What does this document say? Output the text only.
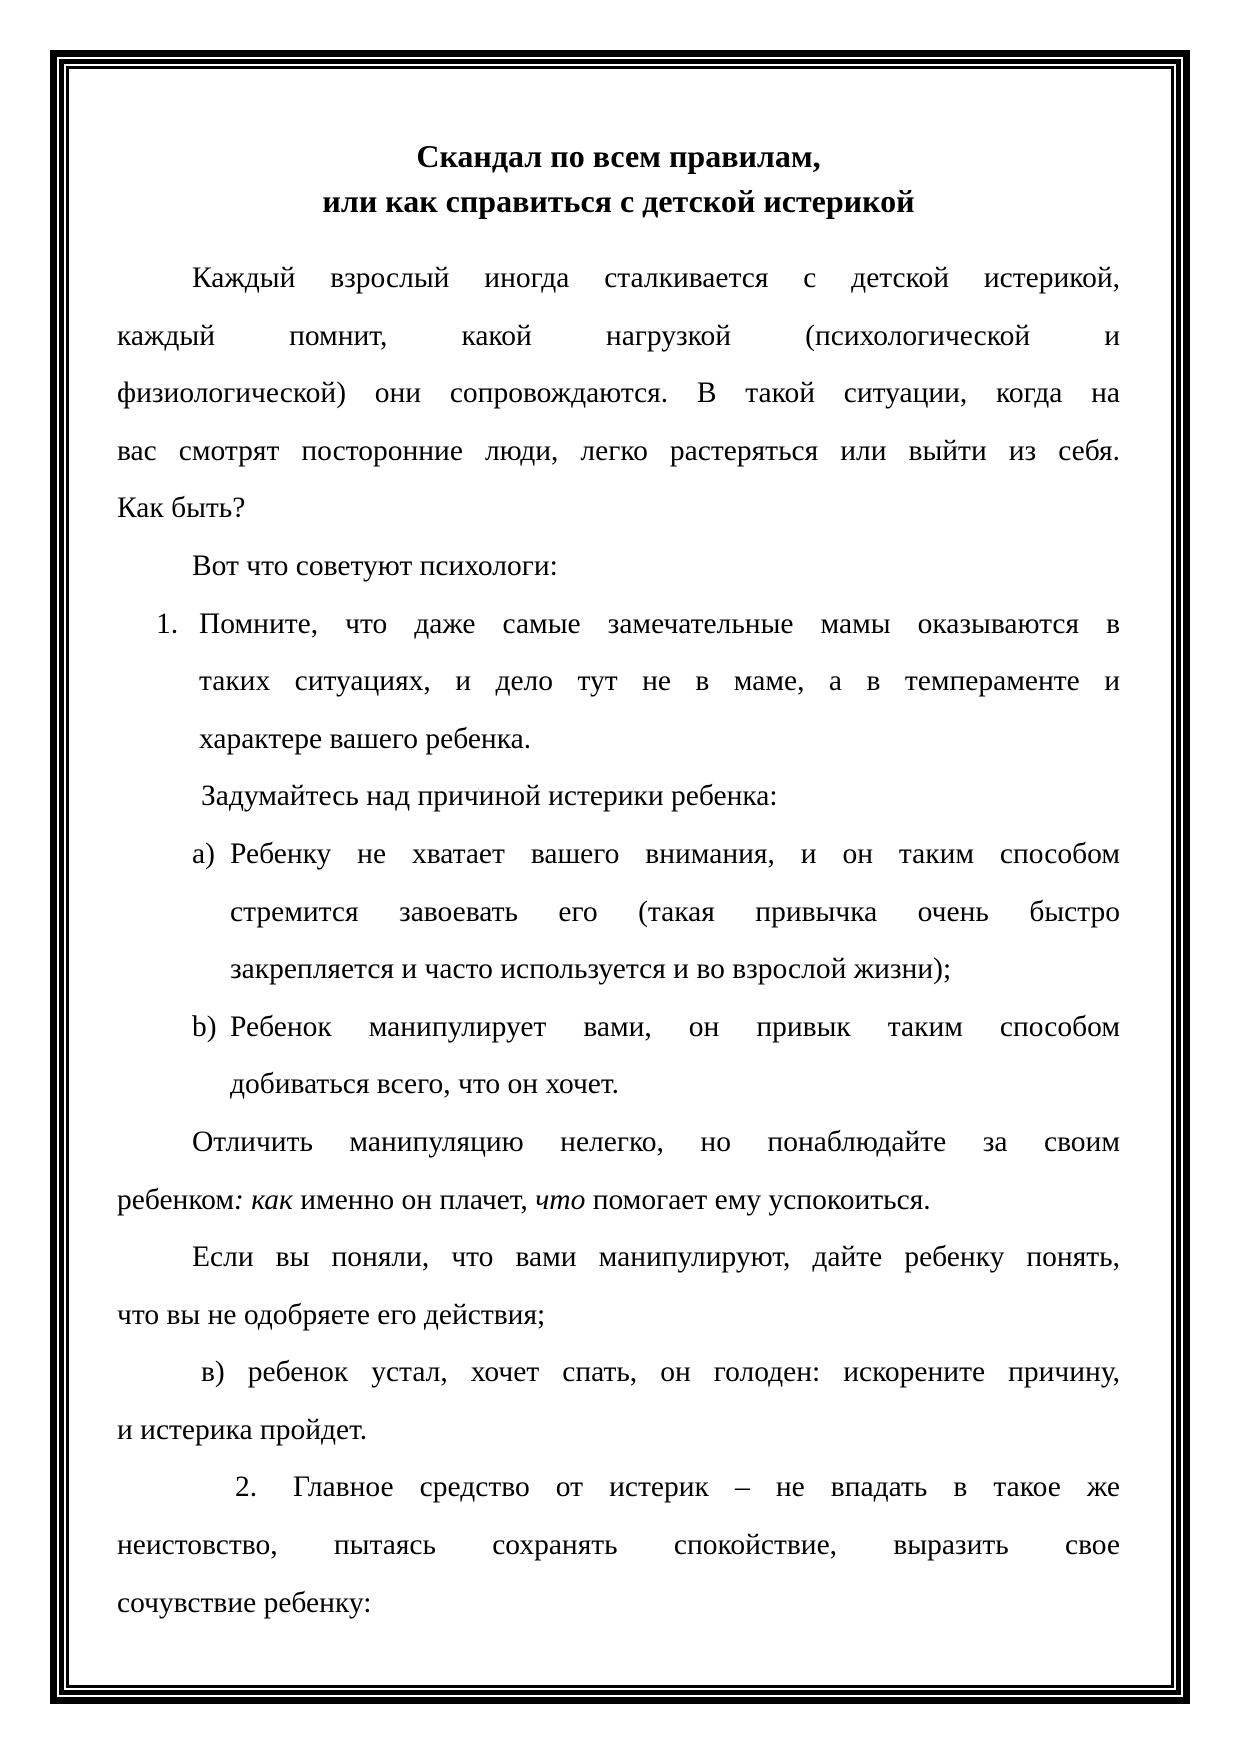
Скандал по всем правилам,
или как справиться с детской истерикой
Каждый взрослый иногда сталкивается с детской истерикой,
каждый помнит, какой нагрузкой (психологической и
физиологической) они сопровождаются. В такой ситуации, когда на
вас смотрят посторонние люди, легко растеряться или выйти из себя.
Как быть?
Вот что советуют психологи:
1. Помните, что даже самые замечательные мамы оказываются в
таких ситуациях, и дело тут не в маме, а в темпераменте и
характере вашего ребенка.
Задумайтесь над причиной истерики ребенка:
a) Ребенку не хватает вашего внимания, и он таким способом
стремится завоевать его (такая привычка очень быстро
закрепляется и часто используется и во взрослой жизни);
b) Ребенок манипулирует вами, он привык таким способом
добиваться всего, что он хочет.
Отличить манипуляцию нелегко, но понаблюдайте за своим
ребенком: как именно он плачет, что помогает ему успокоиться.
Если вы поняли, что вами манипулируют, дайте ребенку понять,
что вы не одобряете его действия;
в) ребенок устал, хочет спать, он голоден: искорените причину,
и истерика пройдет.
2. Главное средство от истерик – не впадать в такое же
неистовство, пытаясь сохранять спокойствие, выразить свое
сочувствие ребенку:
